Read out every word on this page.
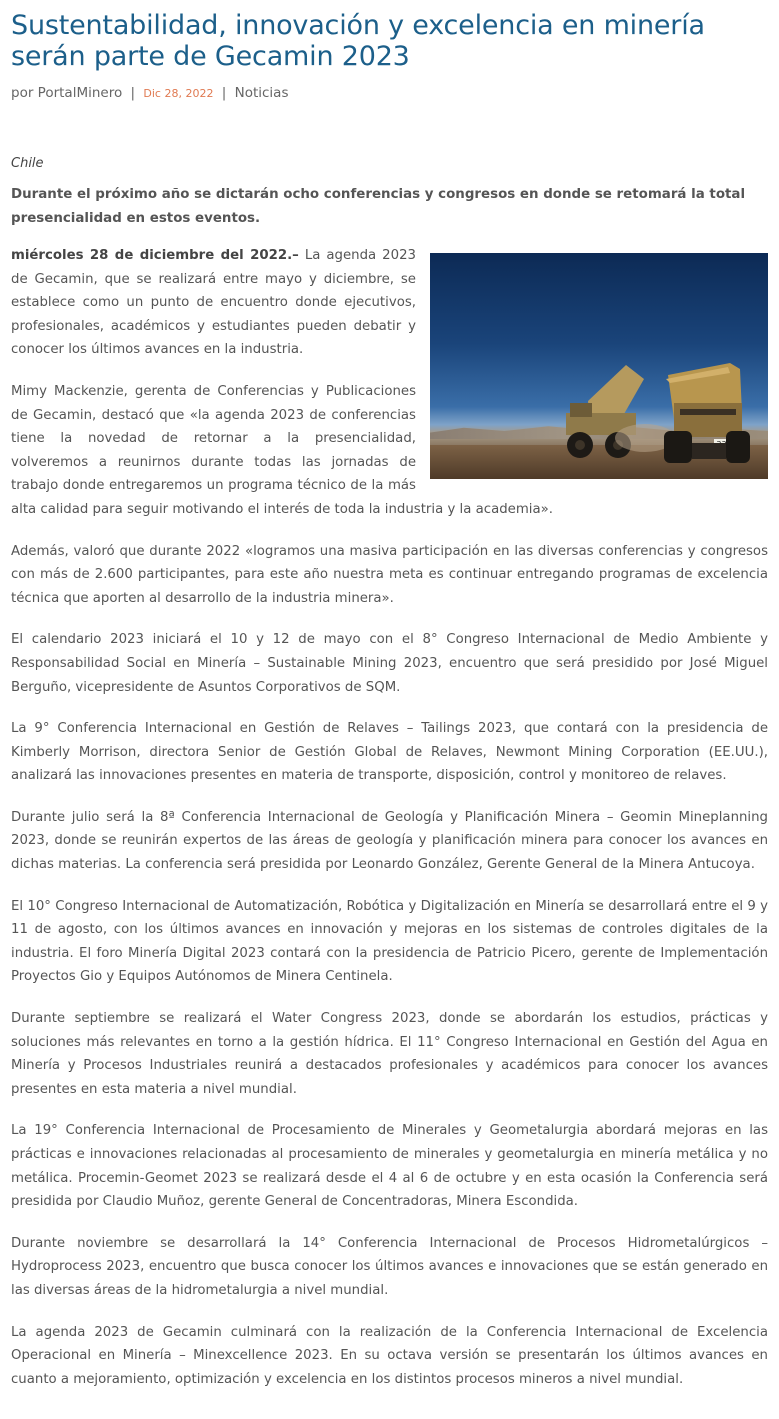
Sustentabilidad, innovación y excelencia en minería serán parte de Gecamin 2023
por PortalMinero | Dic 28, 2022 | Noticias
Chile
Durante el próximo año se dictarán ocho conferencias y congresos en donde se retomará la total presencialidad en estos eventos.

miércoles 28 de diciembre del 2022.– La agenda 2023 de Gecamin, que se realizará entre mayo y diciembre, se establece como un punto de encuentro donde ejecutivos, profesionales, académicos y estudiantes pueden debatir y conocer los últimos avances en la industria.

Mimy Mackenzie, gerenta de Conferencias y Publicaciones de Gecamin, destacó que «la agenda 2023 de conferencias tiene la novedad de retornar a la presencialidad, volveremos a reunirnos durante todas las jornadas de trabajo donde entregaremos un programa técnico de la más alta calidad para seguir motivando el interés de toda la industria y la academia».

Además, valoró que durante 2022 «logramos una masiva participación en las diversas conferencias y congresos con más de 2.600 participantes, para este año nuestra meta es continuar entregando programas de excelencia técnica que aporten al desarrollo de la industria minera».

El calendario 2023 iniciará el 10 y 12 de mayo con el 8° Congreso Internacional de Medio Ambiente y Responsabilidad Social en Minería – Sustainable Mining 2023, encuentro que será presidido por José Miguel Berguño, vicepresidente de Asuntos Corporativos de SQM.

La 9° Conferencia Internacional en Gestión de Relaves – Tailings 2023, que contará con la presidencia de Kimberly Morrison, directora Senior de Gestión Global de Relaves, Newmont Mining Corporation (EE.UU.), analizará las innovaciones presentes en materia de transporte, disposición, control y monitoreo de relaves.

Durante julio será la 8ª Conferencia Internacional de Geología y Planificación Minera – Geomin Mineplanning 2023, donde se reunirán expertos de las áreas de geología y planificación minera para conocer los avances en dichas materias. La conferencia será presidida por Leonardo González, Gerente General de la Minera Antucoya.

El 10° Congreso Internacional de Automatización, Robótica y Digitalización en Minería se desarrollará entre el 9 y 11 de agosto, con los últimos avances en innovación y mejoras en los sistemas de controles digitales de la industria. El foro Minería Digital 2023 contará con la presidencia de Patricio Picero, gerente de Implementación Proyectos Gio y Equipos Autónomos de Minera Centinela.

Durante septiembre se realizará el Water Congress 2023, donde se abordarán los estudios, prácticas y soluciones más relevantes en torno a la gestión hídrica. El 11° Congreso Internacional en Gestión del Agua en Minería y Procesos Industriales reunirá a destacados profesionales y académicos para conocer los avances presentes en esta materia a nivel mundial.

La 19° Conferencia Internacional de Procesamiento de Minerales y Geometalurgia abordará mejoras en las prácticas e innovaciones relacionadas al procesamiento de minerales y geometalurgia en minería metálica y no metálica. Procemin-Geomet 2023 se realizará desde el 4 al 6 de octubre y en esta ocasión la Conferencia será presidida por Claudio Muñoz, gerente General de Concentradoras, Minera Escondida.

Durante noviembre se desarrollará la 14° Conferencia Internacional de Procesos Hidrometalúrgicos –Hydroprocess 2023, encuentro que busca conocer los últimos avances e innovaciones que se están generado en las diversas áreas de la hidrometalurgia a nivel mundial.

La agenda 2023 de Gecamin culminará con la realización de la Conferencia Internacional de Excelencia Operacional en Minería – Minexcellence 2023. En su octava versión se presentarán los últimos avances en cuanto a mejoramiento, optimización y excelencia en los distintos procesos mineros a nivel mundial.
